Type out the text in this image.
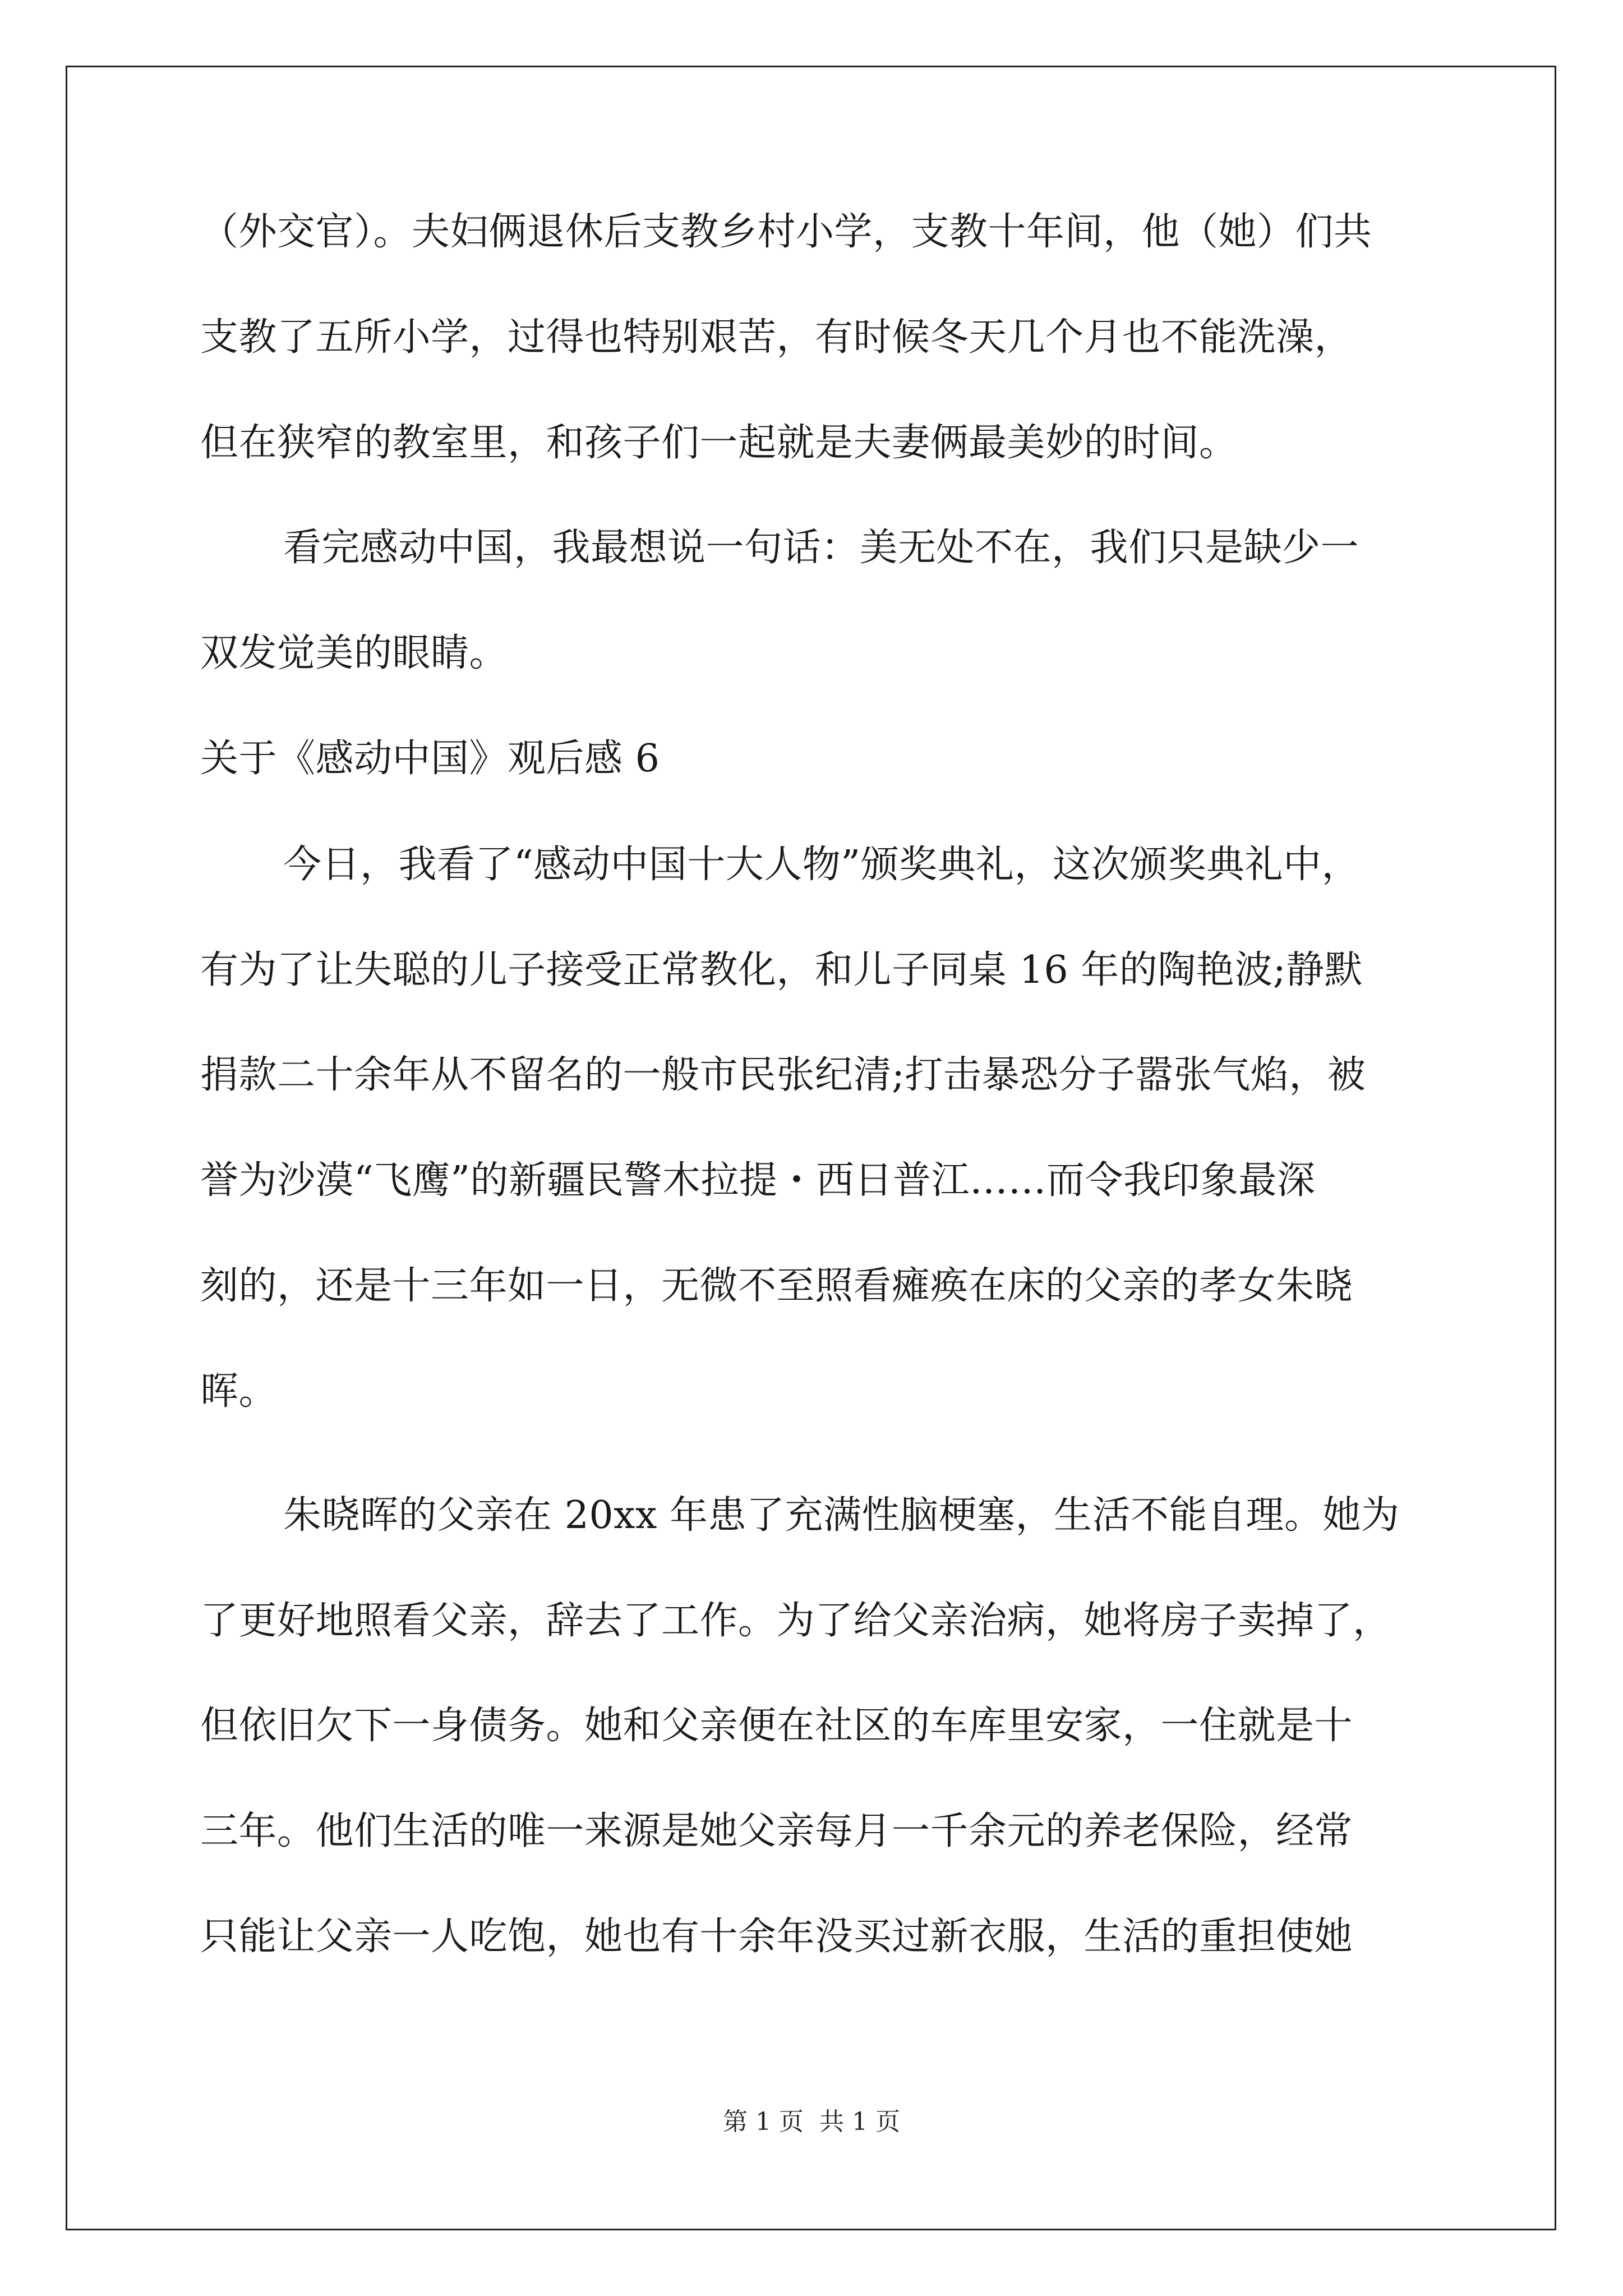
（外交官）。夫妇俩退休后支教乡村小学，支教十年间，他（她）们共
支教了五所小学，过得也特别艰苦，有时候冬天几个月也不能洗澡，
但在狭窄的教室里，和孩子们一起就是夫妻俩最美妙的时间。
看完感动中国，我最想说一句话：美无处不在，我们只是缺少一
双发觉美的眼睛。
关于《感动中国》观后感 6
今日，我看了“感动中国十大人物”颁奖典礼，这次颁奖典礼中，
有为了让失聪的儿子接受正常教化，和儿子同桌 16 年的陶艳波;静默
捐款二十余年从不留名的一般市民张纪清;打击暴恐分子嚣张气焰，被
誉为沙漠“飞鹰”的新疆民警木拉提・西日普江……而令我印象最深
刻的，还是十三年如一日，无微不至照看瘫痪在床的父亲的孝女朱晓
晖。
朱晓晖的父亲在 20xx 年患了充满性脑梗塞，生活不能自理。她为
了更好地照看父亲，辞去了工作。为了给父亲治病，她将房子卖掉了，
但依旧欠下一身债务。她和父亲便在社区的车库里安家，一住就是十
三年。他们生活的唯一来源是她父亲每月一千余元的养老保险，经常
只能让父亲一人吃饱，她也有十余年没买过新衣服，生活的重担使她
第 1 页 共 1 页
